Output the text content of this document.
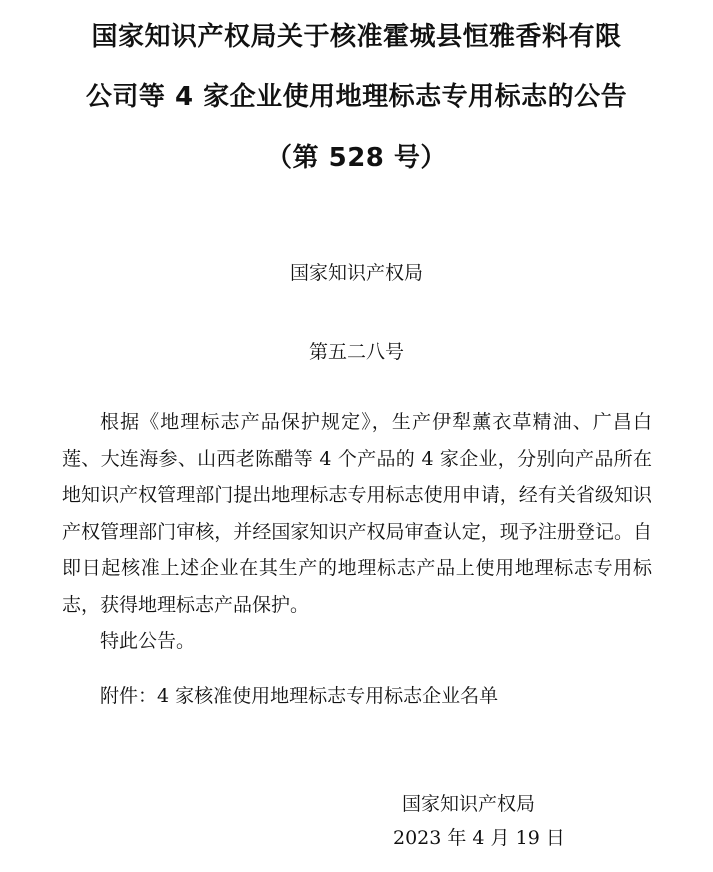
国家知识产权局关于核准霍城县恒雅香料有限
公司等 4 家企业使用地理标志专用标志的公告
（第 528 号）
国家知识产权局
第五二八号

根据《地理标志产品保护规定》，生产伊犁薰衣草精油、广昌白莲、大连海参、山西老陈醋等 4 个产品的 4 家企业，分别向产品所在地知识产权管理部门提出地理标志专用标志使用申请，经有关省级知识产权管理部门审核，并经国家知识产权局审查认定，现予注册登记。自即日起核准上述企业在其生产的地理标志产品上使用地理标志专用标志，获得地理标志产品保护。

特此公告。

附件：4 家核准使用地理标志专用标志企业名单
国家知识产权局
2023 年 4 月 19 日
